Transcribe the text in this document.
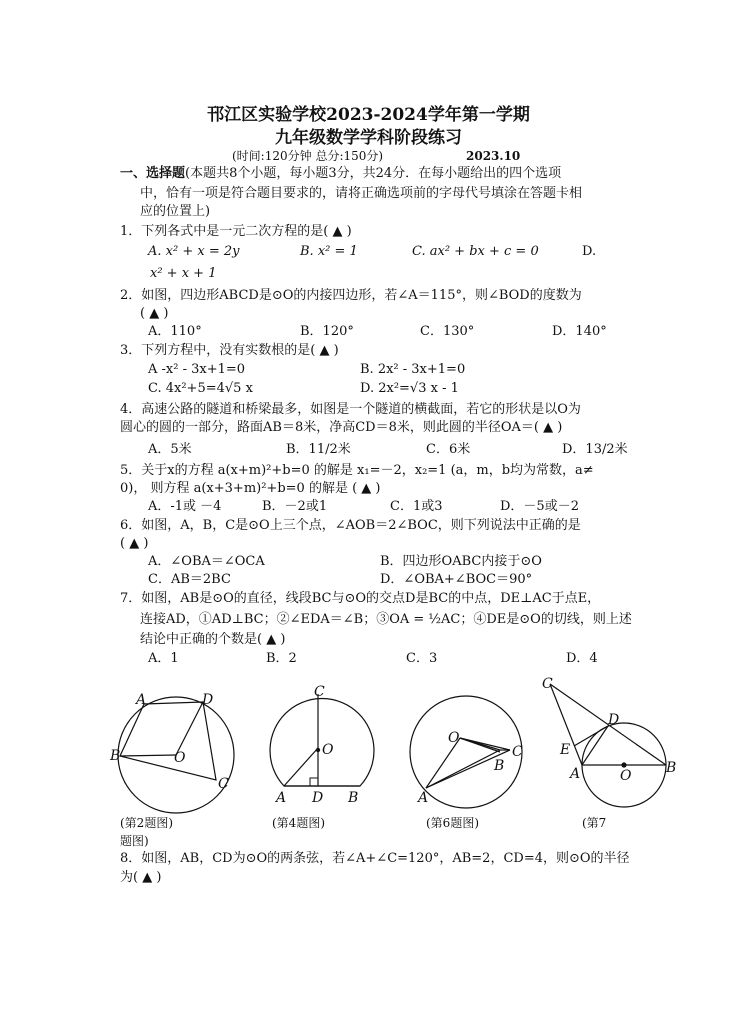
邗江区实验学校2023-2024学年第一学期
九年级数学学科阶段练习
(时间:120分钟 总分:150分)	2023.10
一、选择题(本题共8个小题，每小题3分，共24分．在每小题给出的四个选项
中，恰有一项是符合题目要求的，请将正确选项前的字母代号填涂在答题卡相
应的位置上)
1．下列各式中是一元二次方程的是( ▲ )
A. x² + x = 2y	B. x² = 1	C. ax² + bx + c = 0	D.
x² + x + 1
2．如图，四边形ABCD是⊙O的内接四边形，若∠A＝115°，则∠BOD的度数为
( ▲ )
A．110°	B．120°	C．130°	D．140°
3．下列方程中，没有实数根的是( ▲ )
A -x² - 3x+1=0	B. 2x² - 3x+1=0
C. 4x²+5=4√5 x	D. 2x²=√3 x - 1
4．高速公路的隧道和桥梁最多，如图是一个隧道的横截面，若它的形状是以O为
圆心的圆的一部分，路面AB＝8米，净高CD＝8米，则此圆的半径OA＝( ▲ )
A．5米	B．11/2米	C．6米	D．13/2米
5．关于x的方程 a(x+m)²+b=0 的解是 x₁=－2，x₂=1 (a，m，b均为常数，a≠
0)， 则方程 a(x+3+m)²+b=0 的解是 ( ▲ )
A．-1或 －4	B．－2或1	C．1或3	D．－5或－2
6．如图，A，B，C是⊙O上三个点，∠AOB＝2∠BOC，则下列说法中正确的是
( ▲ )
A．∠OBA＝∠OCA	B．四边形OABC内接于⊙O
C．AB＝2BC	D．∠OBA+∠BOC＝90°
7．如图，AB是⊙O的直径，线段BC与⊙O的交点D是BC的中点，DE⊥AC于点E，
连接AD，①AD⊥BC；②∠EDA＝∠B；③OA = ½AC；④DE是⊙O的切线，则上述
结论中正确的个数是( ▲ )
A．1	B．2	C．3	D．4
A	D
B	O
C
C
O
A D B
O
C
B
A
C
D
E
A	O B
(第2题图)	(第4题图)	(第6题图)	(第7
题图)
8．如图，AB，CD为⊙O的两条弦，若∠A+∠C=120°，AB=2，CD=4，则⊙O的半径
为( ▲ )
